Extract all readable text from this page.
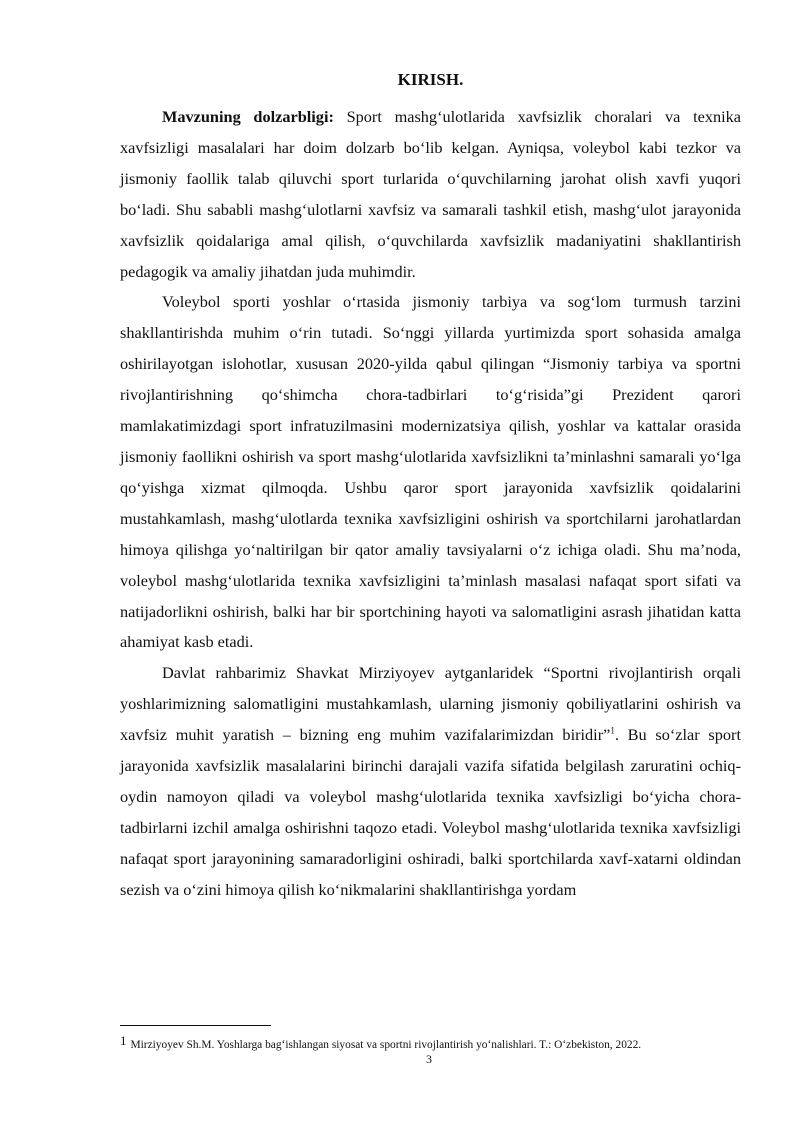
KIRISH.

Mavzuning dolzarbligi: Sport mashg‘ulotlarida xavfsizlik choralari va texnika xavfsizligi masalalari har doim dolzarb bo‘lib kelgan. Ayniqsa, voleybol kabi tezkor va jismoniy faollik talab qiluvchi sport turlarida o‘quvchilarning jarohat olish xavfi yuqori bo‘ladi. Shu sababli mashg‘ulotlarni xavfsiz va samarali tashkil etish, mashg‘ulot jarayonida xavfsizlik qoidalariga amal qilish, o‘quvchilarda xavfsizlik madaniyatini shakllantirish pedagogik va amaliy jihatdan juda muhimdir.

Voleybol sporti yoshlar o‘rtasida jismoniy tarbiya va sog‘lom turmush tarzini shakllantirishda muhim o‘rin tutadi. So‘nggi yillarda yurtimizda sport sohasida amalga oshirilayotgan islohotlar, xususan 2020-yilda qabul qilingan “Jismoniy tarbiya va sportni rivojlantirishning qo‘shimcha chora-tadbirlari to‘g‘risida”gi Prezident qarori mamlakatimizdagi sport infratuzilmasini modernizatsiya qilish, yoshlar va kattalar orasida jismoniy faollikni oshirish va sport mashg‘ulotlarida xavfsizlikni ta’minlashni samarali yo‘lga qo‘yishga xizmat qilmoqda. Ushbu qaror sport jarayonida xavfsizlik qoidalarini mustahkamlash, mashg‘ulotlarda texnika xavfsizligini oshirish va sportchilarni jarohatlardan himoya qilishga yo‘naltirilgan bir qator amaliy tavsiyalarni o‘z ichiga oladi. Shu ma’noda, voleybol mashg‘ulotlarida texnika xavfsizligini ta’minlash masalasi nafaqat sport sifati va natijadorlikni oshirish, balki har bir sportchining hayoti va salomatligini asrash jihatidan katta ahamiyat kasb etadi.

Davlat rahbarimiz Shavkat Mirziyoyev aytganlaridek “Sportni rivojlantirish orqali yoshlarimizning salomatligini mustahkamlash, ularning jismoniy qobiliyatlarini oshirish va xavfsiz muhit yaratish – bizning eng muhim vazifalarimizdan biridir”$^1$. Bu so‘zlar sport jarayonida xavfsizlik masalalarini birinchi darajali vazifa sifatida belgilash zaruratini ochiq-oydin namoyon qiladi va voleybol mashg‘ulotlarida texnika xavfsizligi bo‘yicha chora-tadbirlarni izchil amalga oshirishni taqozo etadi. Voleybol mashg‘ulotlarida texnika xavfsizligi nafaqat sport jarayonining samaradorligini oshiradi, balki sportchilarda xavf-xatarni oldindan sezish va o‘zini himoya qilish ko‘nikmalarini shakllantirishga yordam

1 Mirziyoyev Sh.M. Yoshlarga bag‘ishlangan siyosat va sportni rivojlantirish yo‘nalishlari. T.: O‘zbekiston, 2022.
3
